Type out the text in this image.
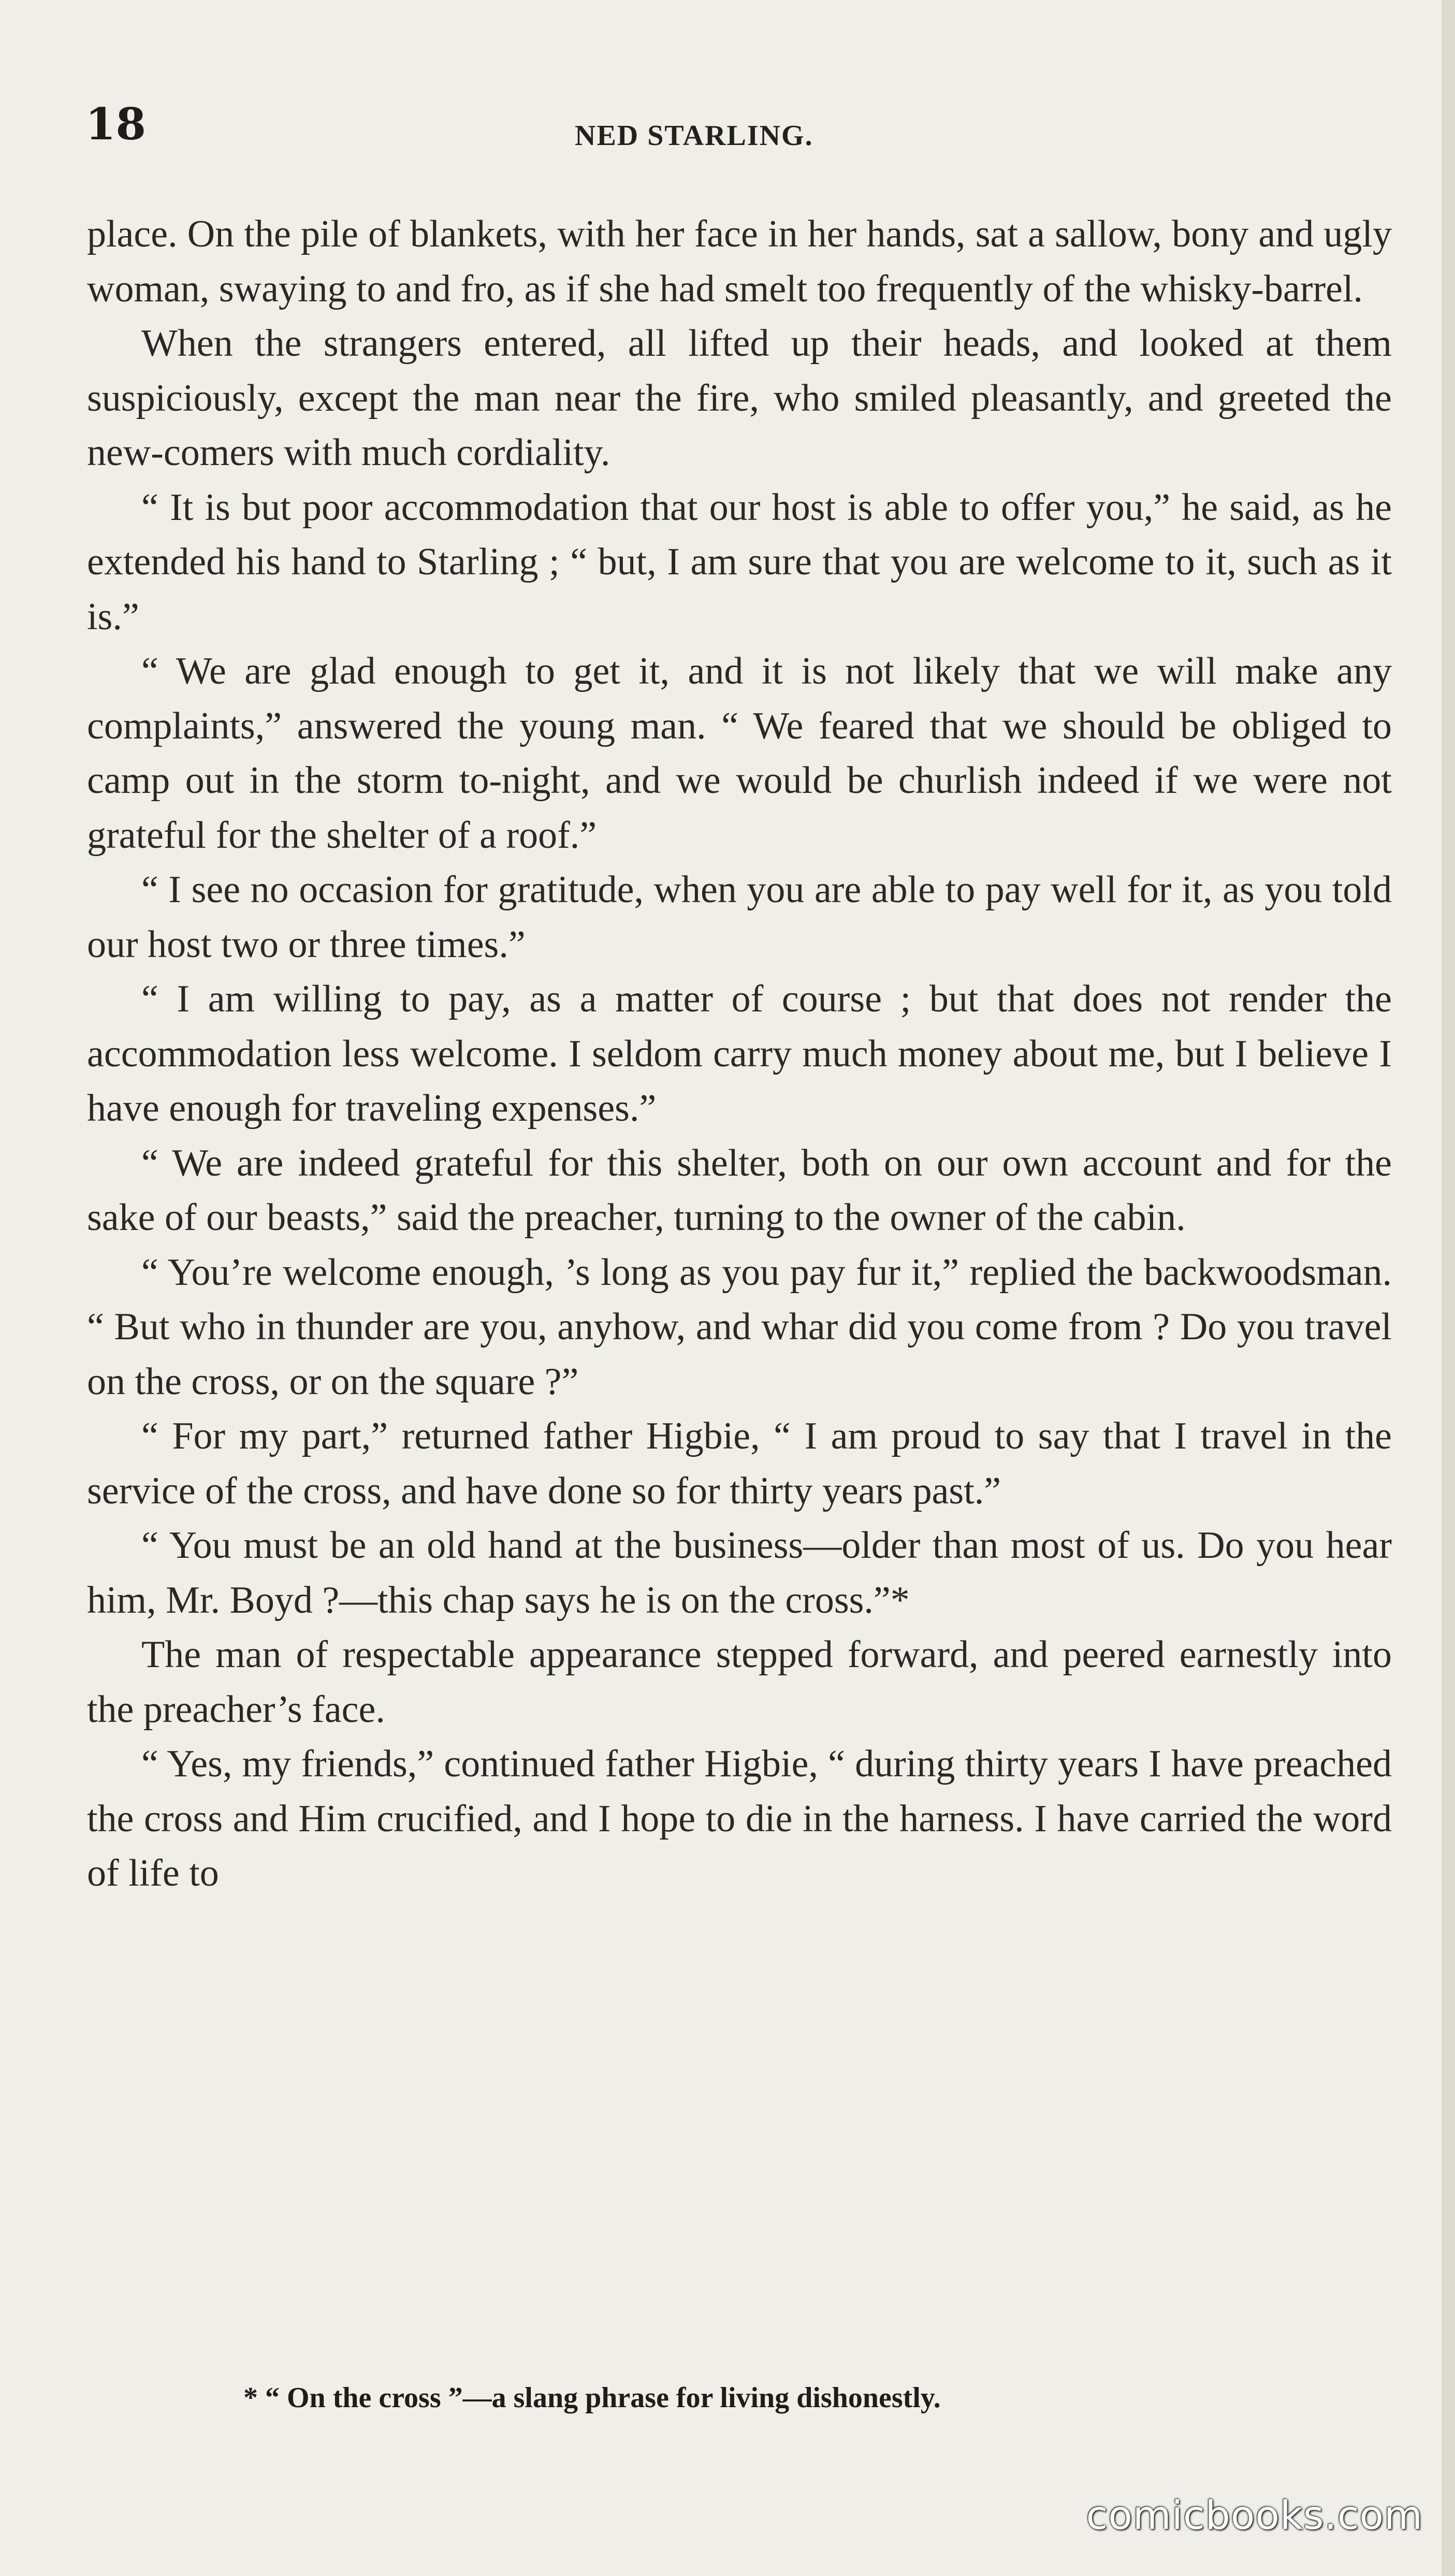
18	NED STARLING.

place. On the pile of blankets, with her face in her hands, sat a sallow, bony and ugly woman, swaying to and fro, as if she had smelt too frequently of the whisky-barrel.

When the strangers entered, all lifted up their heads, and looked at them suspiciously, except the man near the fire, who smiled pleasantly, and greeted the new-comers with much cordiality.

“ It is but poor accommodation that our host is able to offer you,” he said, as he extended his hand to Starling ; “ but, I am sure that you are welcome to it, such as it is.”

“ We are glad enough to get it, and it is not likely that we will make any complaints,” answered the young man. “ We feared that we should be obliged to camp out in the storm to-night, and we would be churlish indeed if we were not grateful for the shelter of a roof.”

“ I see no occasion for gratitude, when you are able to pay well for it, as you told our host two or three times.”

“ I am willing to pay, as a matter of course ; but that does not render the accommodation less welcome. I seldom carry much money about me, but I believe I have enough for traveling expenses.”

“ We are indeed grateful for this shelter, both on our own account and for the sake of our beasts,” said the preacher, turning to the owner of the cabin.

“ You’re welcome enough, ’s long as you pay fur it,” replied the backwoodsman. “ But who in thunder are you, anyhow, and whar did you come from ? Do you travel on the cross, or on the square ?”

“ For my part,” returned father Higbie, “ I am proud to say that I travel in the service of the cross, and have done so for thirty years past.”

“ You must be an old hand at the business—older than most of us. Do you hear him, Mr. Boyd ?—this chap says he is on the cross.”*

The man of respectable appearance stepped forward, and peered earnestly into the preacher’s face.

“ Yes, my friends,” continued father Higbie, “ during thirty years I have preached the cross and Him crucified, and I hope to die in the harness. I have carried the word of life to

* “ On the cross ”—a slang phrase for living dishonestly.
comicbooks.com
